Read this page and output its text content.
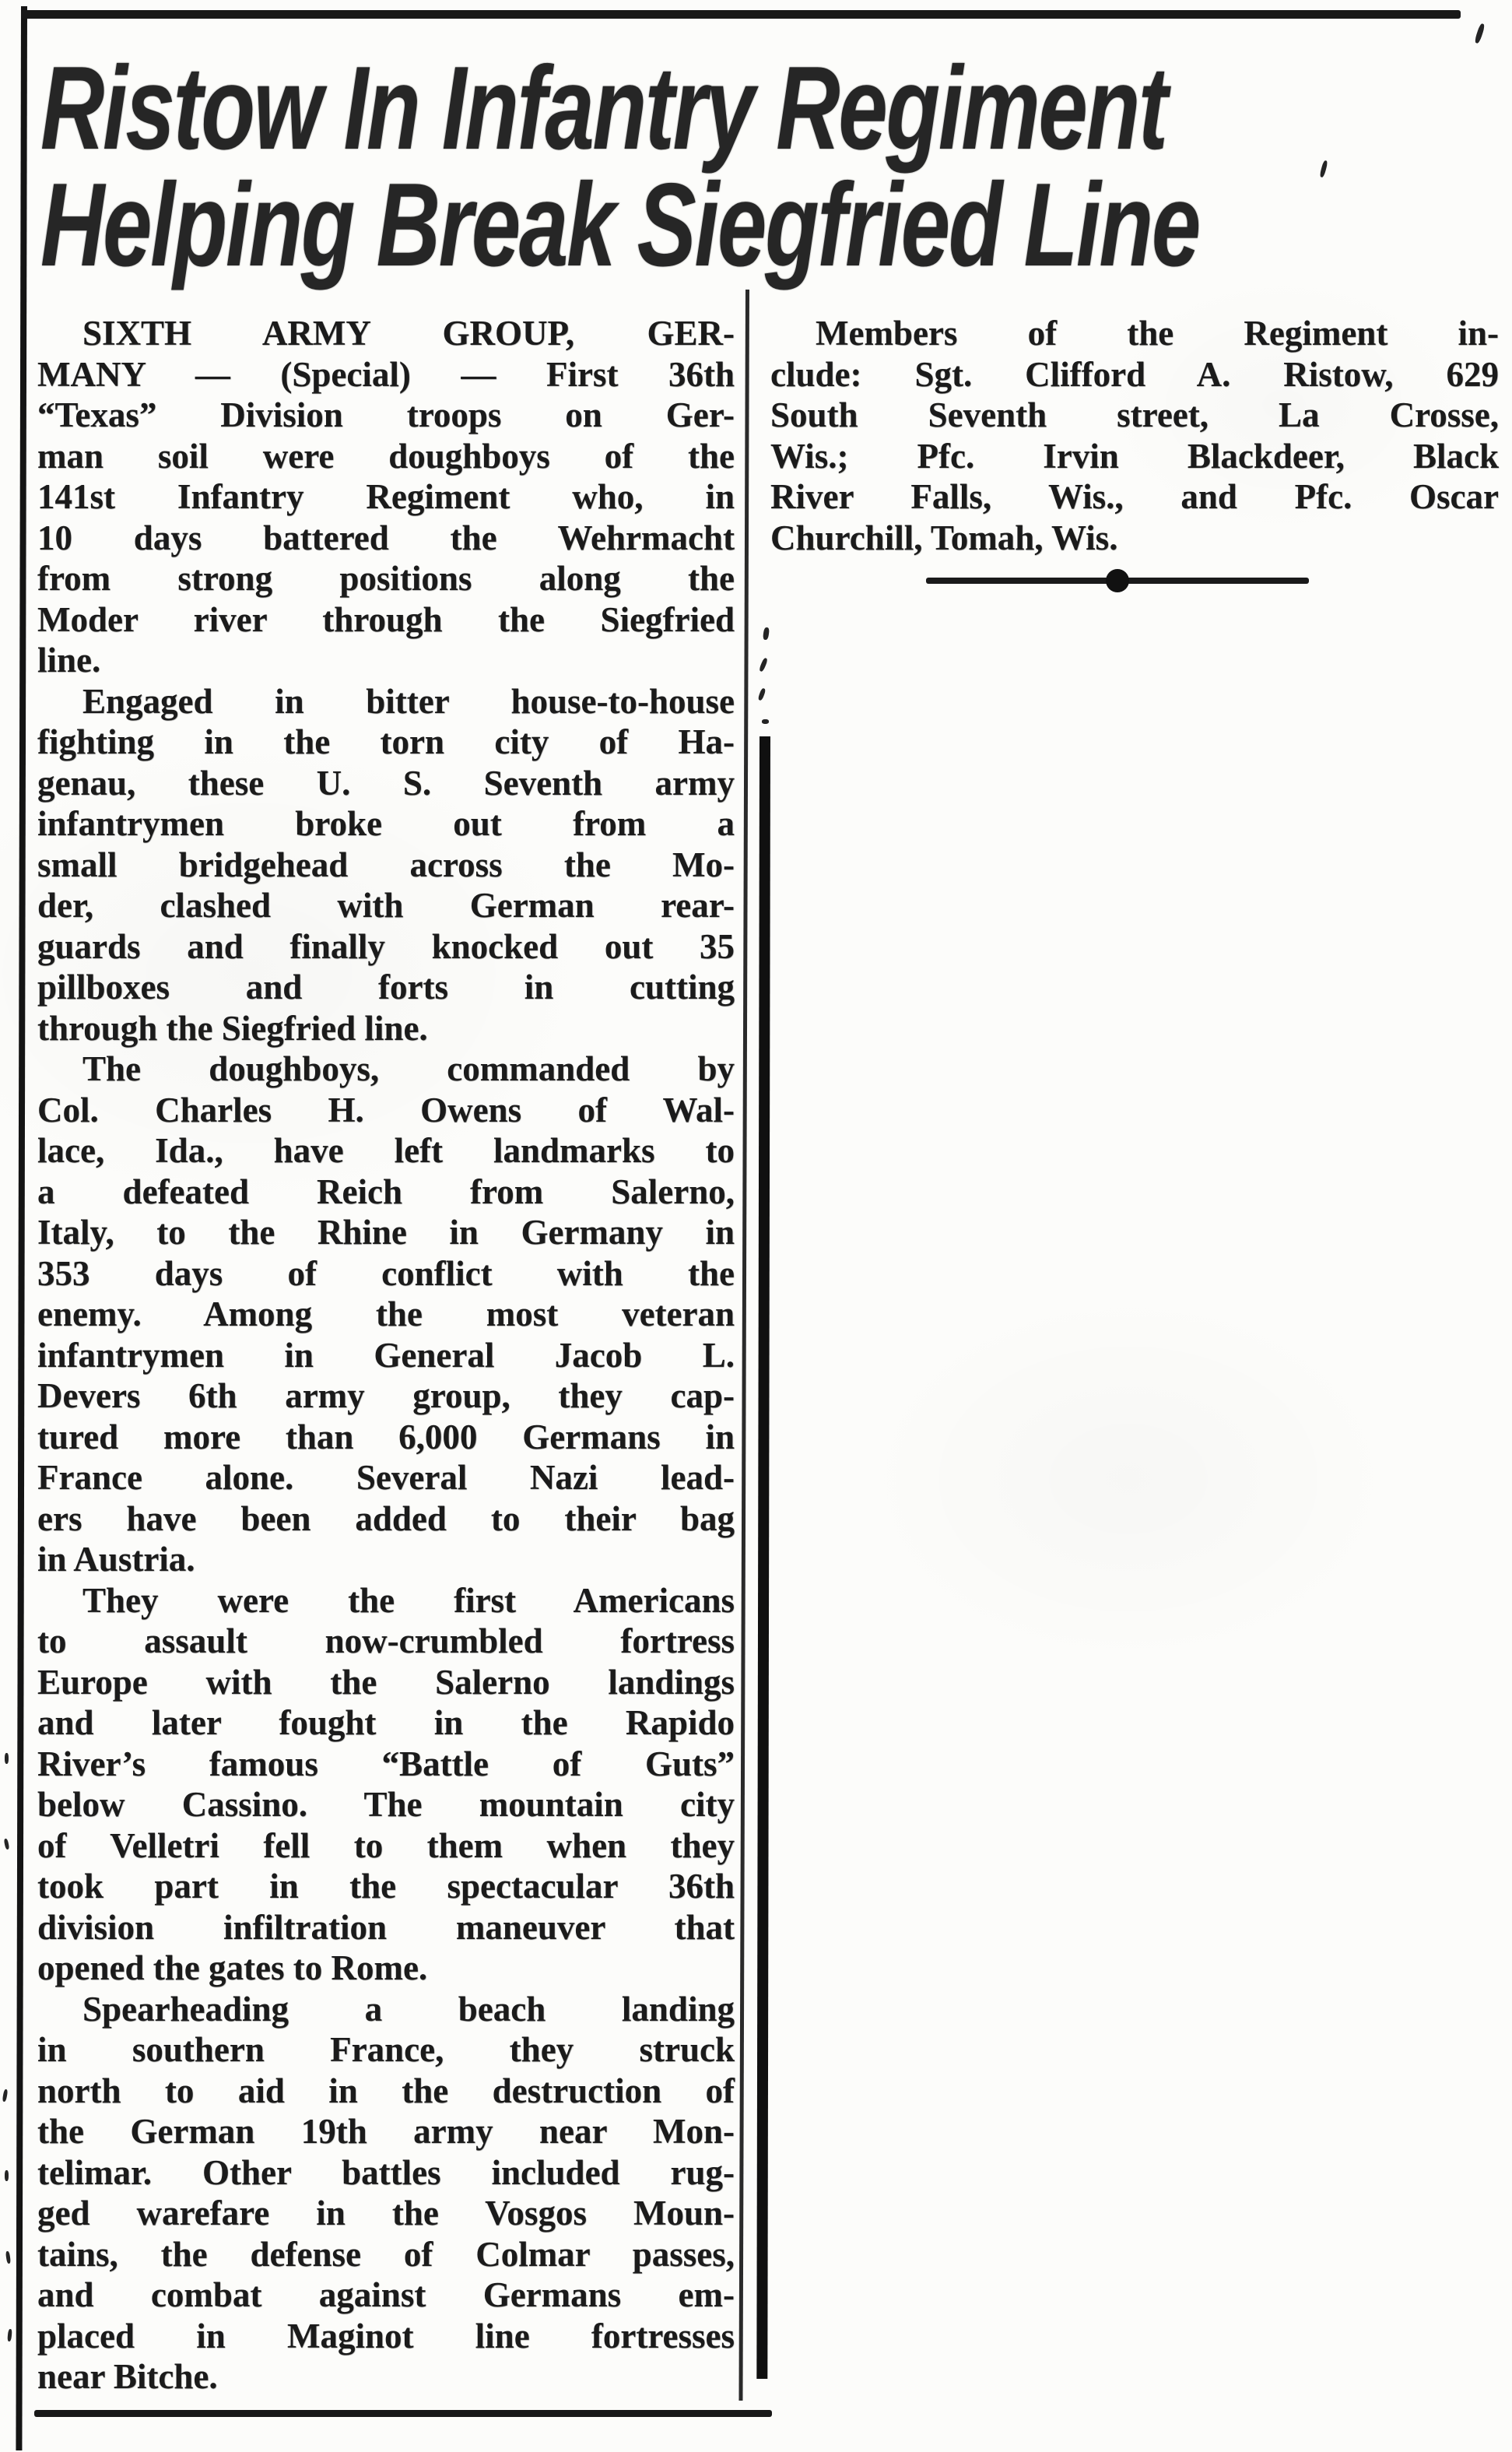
Ristow In Infantry Regiment
Helping Break Siegfried Line
SIXTH ARMY GROUP, GER-
MANY — (Special) — First 36th
“Texas” Division troops on Ger-
man soil were doughboys of the
141st Infantry Regiment who, in
10 days battered the Wehrmacht
from strong positions along the
Moder river through the Siegfried
line.
Engaged in bitter house-to-house
fighting in the torn city of Ha-
genau, these U. S. Seventh army
infantrymen broke out from a
small bridgehead across the Mo-
der, clashed with German rear-
guards and finally knocked out 35
pillboxes and forts in cutting
through the Siegfried line.
The doughboys, commanded by
Col. Charles H. Owens of Wal-
lace, Ida., have left landmarks to
a defeated Reich from Salerno,
Italy, to the Rhine in Germany in
353 days of conflict with the
enemy. Among the most veteran
infantrymen in General Jacob L.
Devers 6th army group, they cap-
tured more than 6,000 Germans in
France alone. Several Nazi lead-
ers have been added to their bag
in Austria.
They were the first Americans
to assault now-crumbled fortress
Europe with the Salerno landings
and later fought in the Rapido
River’s famous “Battle of Guts”
below Cassino. The mountain city
of Velletri fell to them when they
took part in the spectacular 36th
division infiltration maneuver that
opened the gates to Rome.
Spearheading a beach landing
in southern France, they struck
north to aid in the destruction of
the German 19th army near Mon-
telimar. Other battles included rug-
ged warefare in the Vosgos Moun-
tains, the defense of Colmar passes,
and combat against Germans em-
placed in Maginot line fortresses
near Bitche.
Members of the Regiment in-
clude: Sgt. Clifford A. Ristow, 629
South Seventh street, La Crosse,
Wis.; Pfc. Irvin Blackdeer, Black
River Falls, Wis., and Pfc. Oscar
Churchill, Tomah, Wis.
